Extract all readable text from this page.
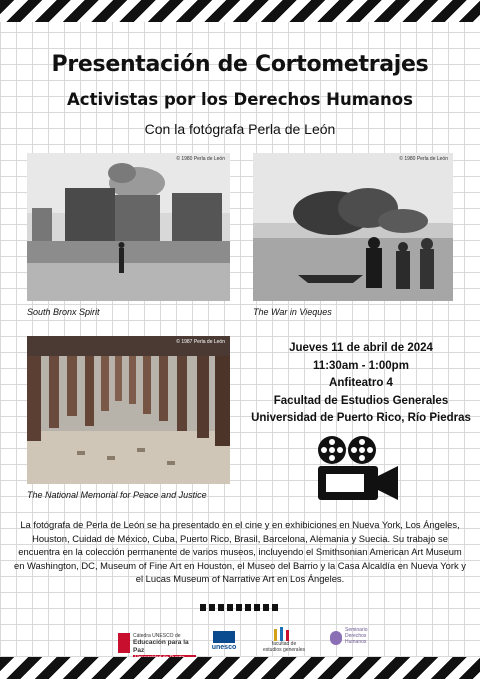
Presentación de Cortometrajes
Activistas por los Derechos Humanos
Con la fotógrafa Perla de León
© 1980 Perla de León
South Bronx Spirit
© 1980 Perla de León
The War in Vieques
© 1987 Perla de León
The National Memorial for Peace and Justice
Jueves 11 de abril de 2024
11:30am - 1:00pm
Anfiteatro 4
Facultad de Estudios Generales
Universidad de Puerto Rico, Río Piedras
La fotógrafa de Perla de León se ha presentado en el cine y en exhibiciones en Nueva York, Los Ángeles, Houston, Cuidad de México, Cuba, Puerto Rico, Brasil, Barcelona, Alemania y Suecia. Su trabajo se encuentra en la colección permanente de varios museos, incluyendo el Smithsonian American Art Museum en Washington, DC, Museum of Fine Art en Houston, el Museo del Barrio y la Casa Alcaldía en Nueva York y el Lucas Museum of Narrative Art en Los Ángeles.
Cátedra UNESCO de
Educación para la Paz	unesco	facultad de
estudios generales
Seminario
Derechos
Humanos
